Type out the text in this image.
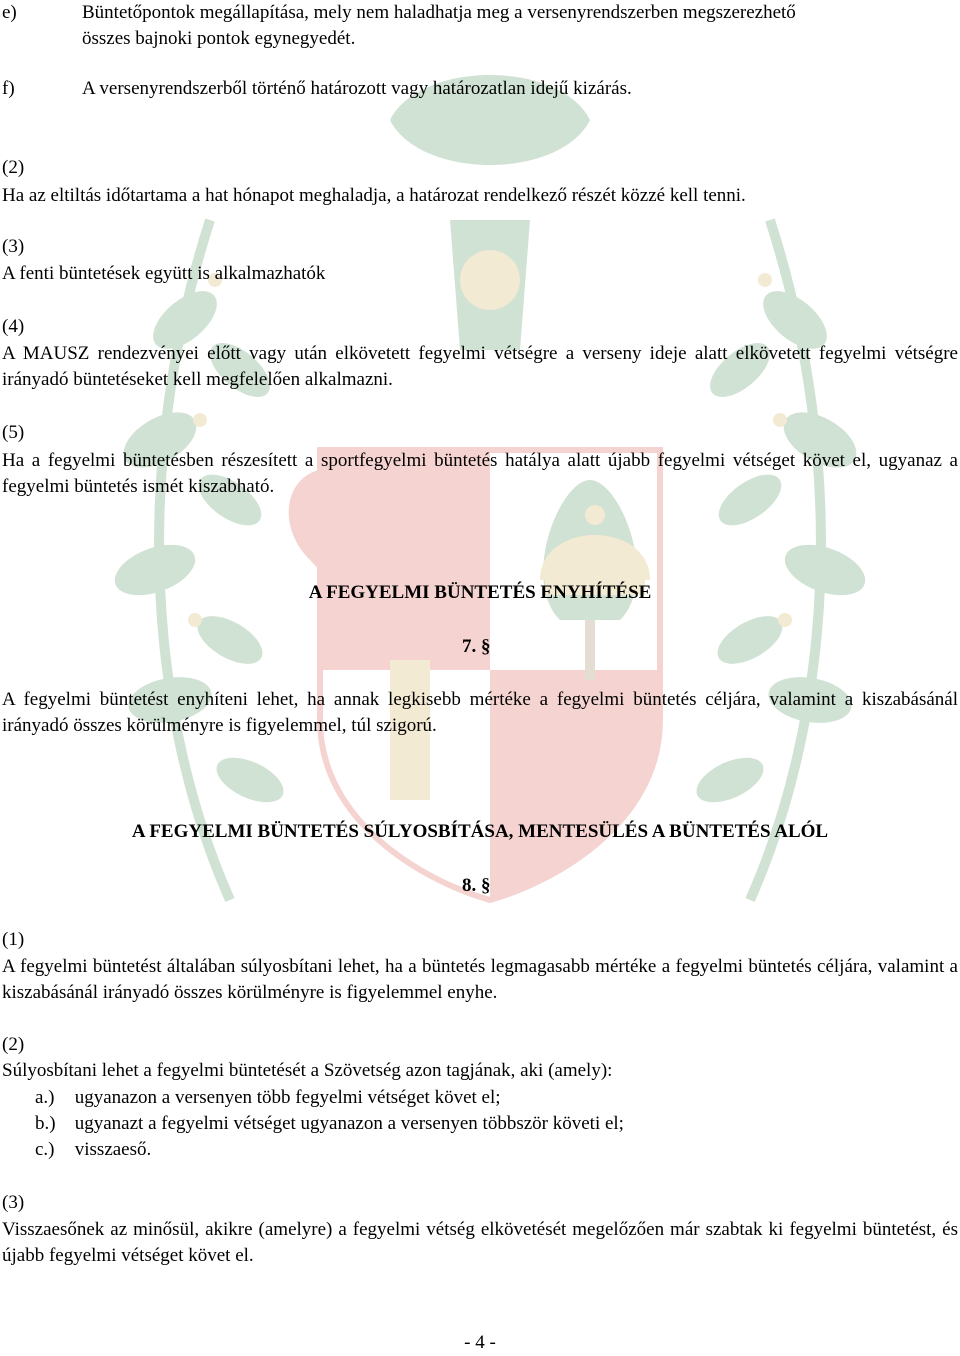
e)	Büntetőpontok megállapítása, mely nem haladhatja meg a versenyrendszerben megszerezhető
összes bajnoki pontok egynegyedét.
f)	A versenyrendszerből történő határozott vagy határozatlan idejű kizárás.
(2)
Ha az eltiltás időtartama a hat hónapot meghaladja, a határozat rendelkező részét közzé kell tenni.
(3)
A fenti büntetések együtt is alkalmazhatók
(4)
A MAUSZ rendezvényei előtt vagy után elkövetett fegyelmi vétségre a verseny ideje alatt elkövetett fegyelmi vétségre irányadó büntetéseket kell megfelelően alkalmazni.
(5)
Ha a fegyelmi büntetésben részesített a sportfegyelmi büntetés hatálya alatt újabb fegyelmi vétséget követ el, ugyanaz a fegyelmi büntetés ismét kiszabható.
A FEGYELMI BÜNTETÉS ENYHÍTÉSE
7. §
A fegyelmi büntetést enyhíteni lehet, ha annak legkisebb mértéke a fegyelmi büntetés céljára, valamint a kiszabásánál irányadó összes körülményre is figyelemmel, túl szigorú.
A FEGYELMI BÜNTETÉS SÚLYOSBÍTÁSA, MENTESÜLÉS A BÜNTETÉS ALÓL
8. §
(1)
A fegyelmi büntetést általában súlyosbítani lehet, ha a büntetés legmagasabb mértéke a fegyelmi büntetés céljára, valamint a kiszabásánál irányadó összes körülményre is figyelemmel enyhe.
(2)
Súlyosbítani lehet a fegyelmi büntetését a Szövetség azon tagjának, aki (amely):
a.) ugyanazon a versenyen több fegyelmi vétséget követ el;
b.) ugyanazt a fegyelmi vétséget ugyanazon a versenyen többször követi el;
c.) visszaeső.
(3)
Visszaesőnek az minősül, akikre (amelyre) a fegyelmi vétség elkövetését megelőzően már szabtak ki fegyelmi büntetést, és újabb fegyelmi vétséget követ el.
- 4 -
